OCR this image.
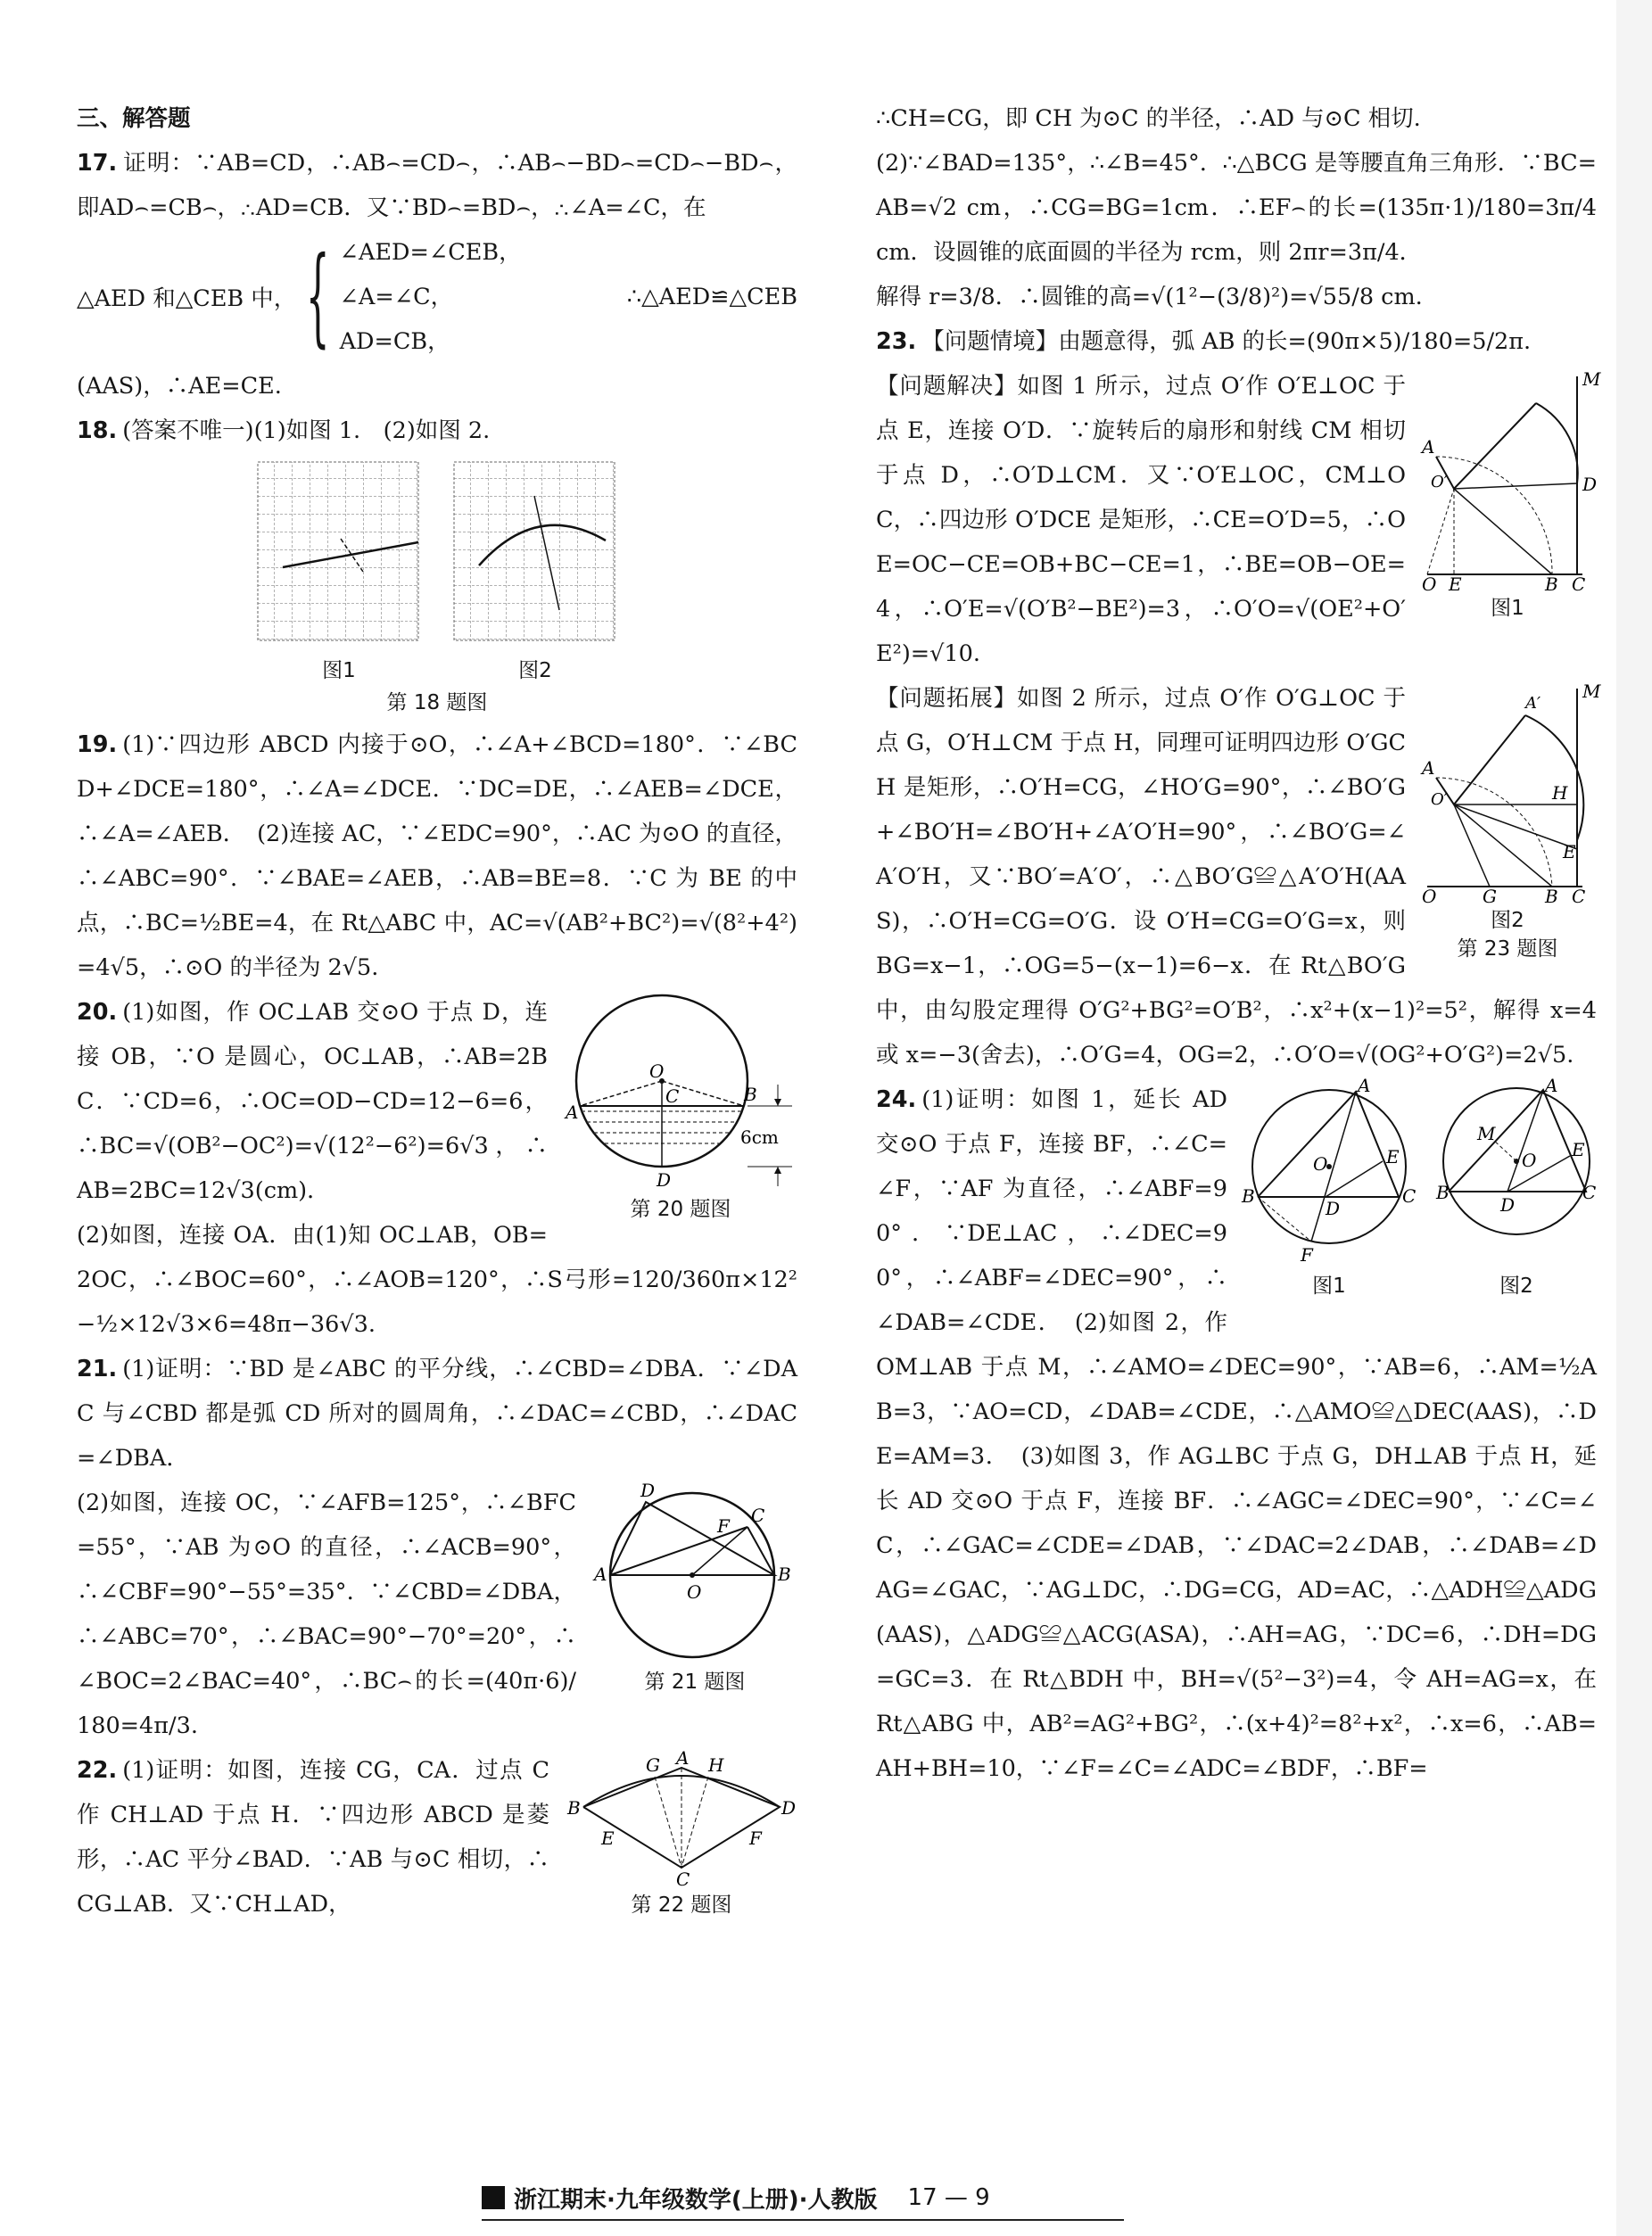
三、解答题

17. 证明：∵AB=CD，∴AB⌢=CD⌢，∴AB⌢−BD⌢=CD⌢−BD⌢，即AD⌢=CB⌢，∴AD=CB．又∵BD⌢=BD⌢，∴∠A=∠C，在

△AED 和△CEB 中， { ∠AED=∠CEB，
∠A=∠C，
AD=CB，
∴△AED≌△CEB

(AAS)，∴AE=CE.

18. (答案不唯一)(1)如图 1.　(2)如图 2.

图1	图2
第 18 题图

19. (1)∵四边形 ABCD 内接于⊙O，∴∠A+∠BCD=180°．∵∠BCD+∠DCE=180°，∴∠A=∠DCE．∵DC=DE，∴∠AEB=∠DCE，∴∠A=∠AEB．　(2)连接 AC，∵∠EDC=90°，∴AC 为⊙O 的直径，∴∠ABC=90°．∵∠BAE=∠AEB，∴AB=BE=8．∵C 为 BE 的中点，∴BC=½BE=4，在 Rt△ABC 中，AC=√(AB²+BC²)=√(8²+4²)=4√5，∴⊙O 的半径为 2√5.

O
A
B
C
D
6cm
第 20 题图

20. (1)如图，作 OC⊥AB 交⊙O 于点 D，连接 OB，∵O 是圆心，OC⊥AB，∴AB=2BC．∵CD=6，∴OC=OD−CD=12−6=6，∴BC=√(OB²−OC²)=√(12²−6²)=6√3，∴AB=2BC=12√3(cm)．

(2)如图，连接 OA．由(1)知 OC⊥AB，OB=2OC，∴∠BOC=60°，∴∠AOB=120°，∴S弓形=120/360π×12²−½×12√3×6=48π−36√3.

21. (1)证明：∵BD 是∠ABC 的平分线，∴∠CBD=∠DBA．∵∠DAC 与∠CBD 都是弧 CD 所对的圆周角，∴∠DAC=∠CBD，∴∠DAC=∠DBA．

A	B
C
D
F
O
第 21 题图

(2)如图，连接 OC，∵∠AFB=125°，∴∠BFC=55°，∵AB 为⊙O 的直径，∴∠ACB=90°，∴∠CBF=90°−55°=35°．∵∠CBD=∠DBA，∴∠ABC=70°，∴∠BAC=90°−70°=20°，∴∠BOC=2∠BAC=40°，∴BC⌢的长=(40π·6)/180=4π/3.

G A H
B	D
E	F
C
第 22 题图

22. (1)证明：如图，连接 CG，CA．过点 C 作 CH⊥AD 于点 H．∵四边形 ABCD 是菱形，∴AC 平分∠BAD．∵AB 与⊙C 相切，∴CG⊥AB．又∵CH⊥AD，

∴CH=CG，即 CH 为⊙C 的半径，∴AD 与⊙C 相切.

(2)∵∠BAD=135°，∴∠B=45°．∴△BCG 是等腰直角三角形．∵BC=AB=√2 cm，∴CG=BG=1cm．∴EF⌢的长=(135π·1)/180=3π/4 cm．设圆锥的底面圆的半径为 rcm，则 2πr=3π/4．

解得 r=3/8．∴圆锥的高=√(1²−(3/8)²)=√55/8 cm.

23. 【问题情境】由题意得，弧 AB 的长=(90π×5)/180=5/2π.

M
A
O′	D
O E	B C
图1

【问题解决】如图 1 所示，过点 O′作 O′E⊥OC 于点 E，连接 O′D．∵旋转后的扇形和射线 CM 相切于点 D，∴O′D⊥CM．又∵O′E⊥OC，CM⊥OC，∴四边形 O′DCE 是矩形，∴CE=O′D=5，∴OE=OC−CE=OB+BC−CE=1，∴BE=OB−OE=4，∴O′E=√(O′B²−BE²)=3，∴O′O=√(OE²+O′E²)=√10.

M
A′
A
O′	H
E
O	G	B C
图2
第 23 题图

【问题拓展】如图 2 所示，过点 O′作 O′G⊥OC 于点 G，O′H⊥CM 于点 H，同理可证明四边形 O′GCH 是矩形，∴O′H=CG，∠HO′G=90°，∴∠BO′G+∠BO′H=∠BO′H+∠A′O′H=90°，∴∠BO′G=∠A′O′H，又∵BO′=A′O′，∴△BO′G≌△A′O′H(AAS)，∴O′H=CG=O′G．设 O′H=CG=O′G=x，则 BG=x−1，∴OG=5−(x−1)=6−x．在 Rt△BO′G 中，由勾股定理得 O′G²+BG²=O′B²，∴x²+(x−1)²=5²，解得 x=4 或 x=−3(舍去)，∴O′G=4，OG=2，∴O′O=√(OG²+O′G²)=2√5.

A
B	C
D
E
F
O
图1
A
B	C
D
E
M
O
图2

24. (1)证明：如图 1，延长 AD 交⊙O 于点 F，连接 BF，∴∠C=∠F，∵AF 为直径，∴∠ABF=90°．∵DE⊥AC，∴∠DEC=90°，∴∠ABF=∠DEC=90°，∴∠DAB=∠CDE．　(2)如图 2，作 OM⊥AB 于点 M，∴∠AMO=∠DEC=90°，∵AB=6，∴AM=½AB=3，∵AO=CD，∠DAB=∠CDE，∴△AMO≌△DEC(AAS)，∴DE=AM=3．　(3)如图 3，作 AG⊥BC 于点 G，DH⊥AB 于点 H，延长 AD 交⊙O 于点 F，连接 BF．∴∠AGC=∠DEC=90°，∵∠C=∠C，∴∠GAC=∠CDE=∠DAB，∵∠DAC=2∠DAB，∴∠DAB=∠DAG=∠GAC，∵AG⊥DC，∴DG=CG，AD=AC，∴△ADH≌△ADG(AAS)，△ADG≌△ACG(ASA)，∴AH=AG，∵DC=6，∴DH=DG=GC=3．在 Rt△BDH 中，BH=√(5²−3²)=4，令 AH=AG=x，在 Rt△ABG 中，AB²=AG²+BG²，∴(x+4)²=8²+x²，∴x=6，∴AB=AH+BH=10，∵∠F=∠C=∠ADC=∠BDF，∴BF=

浙江期末·九年级数学(上册)·人教版 17 — 9
